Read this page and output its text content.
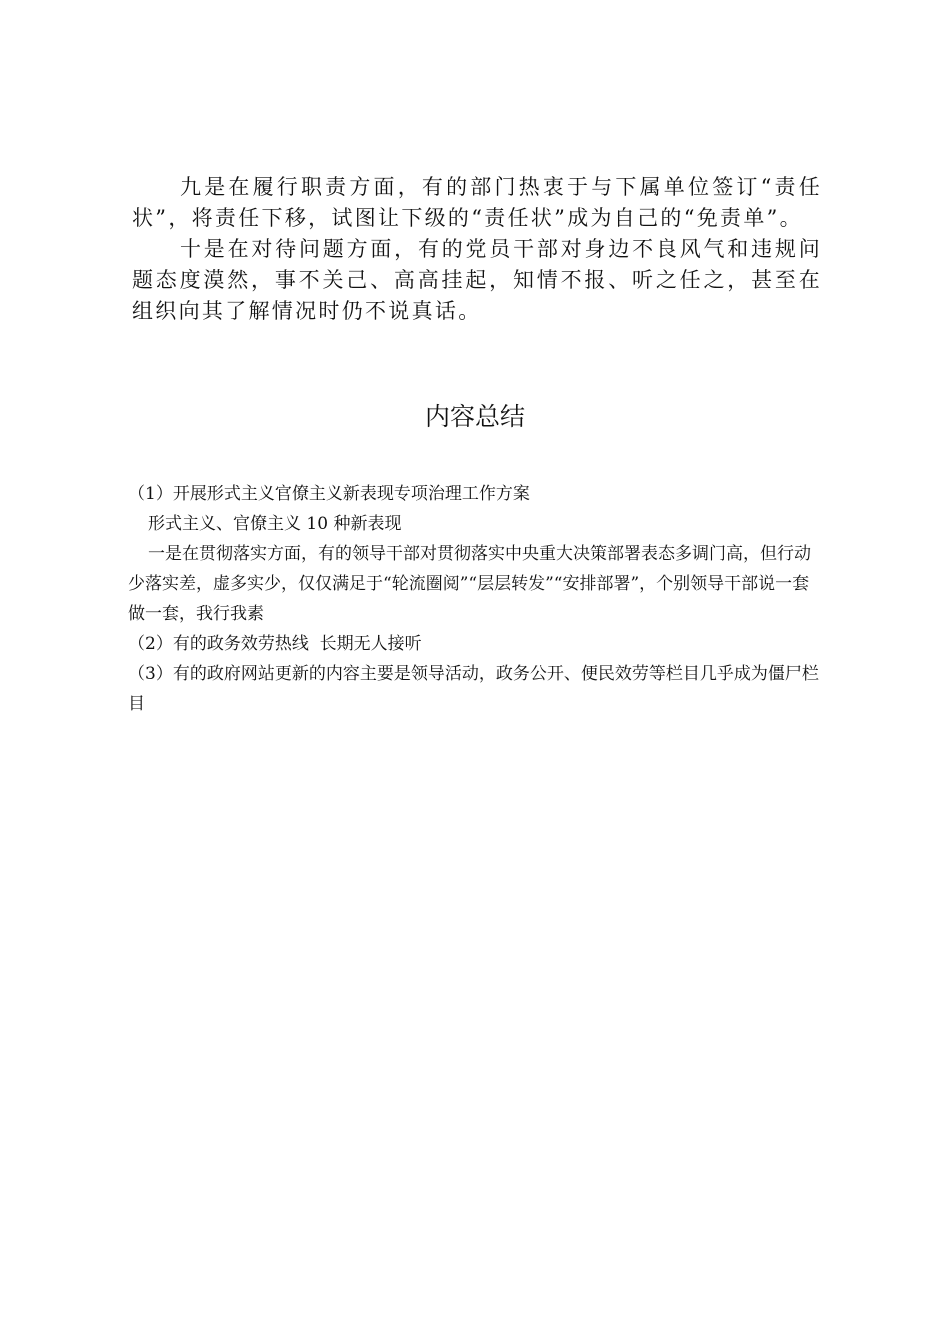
九是在履行职责方面，有的部门热衷于与下属单位签订“责任状”，将责任下移，试图让下级的“责任状”成为自己的“免责单”。

十是在对待问题方面，有的党员干部对身边不良风气和违规问题态度漠然，事不关己、高高挂起，知情不报、听之任之，甚至在组织向其了解情况时仍不说真话。

内容总结

（1）开展形式主义官僚主义新表现专项治理工作方案

形式主义、官僚主义 10 种新表现

一是在贯彻落实方面，有的领导干部对贯彻落实中央重大决策部署表态多调门高，但行动少落实差，虚多实少，仅仅满足于“轮流圈阅”“层层转发”“安排部署”，个别领导干部说一套做一套，我行我素

（2）有的政务效劳热线  长期无人接听

（3）有的政府网站更新的内容主要是领导活动，政务公开、便民效劳等栏目几乎成为僵尸栏目
